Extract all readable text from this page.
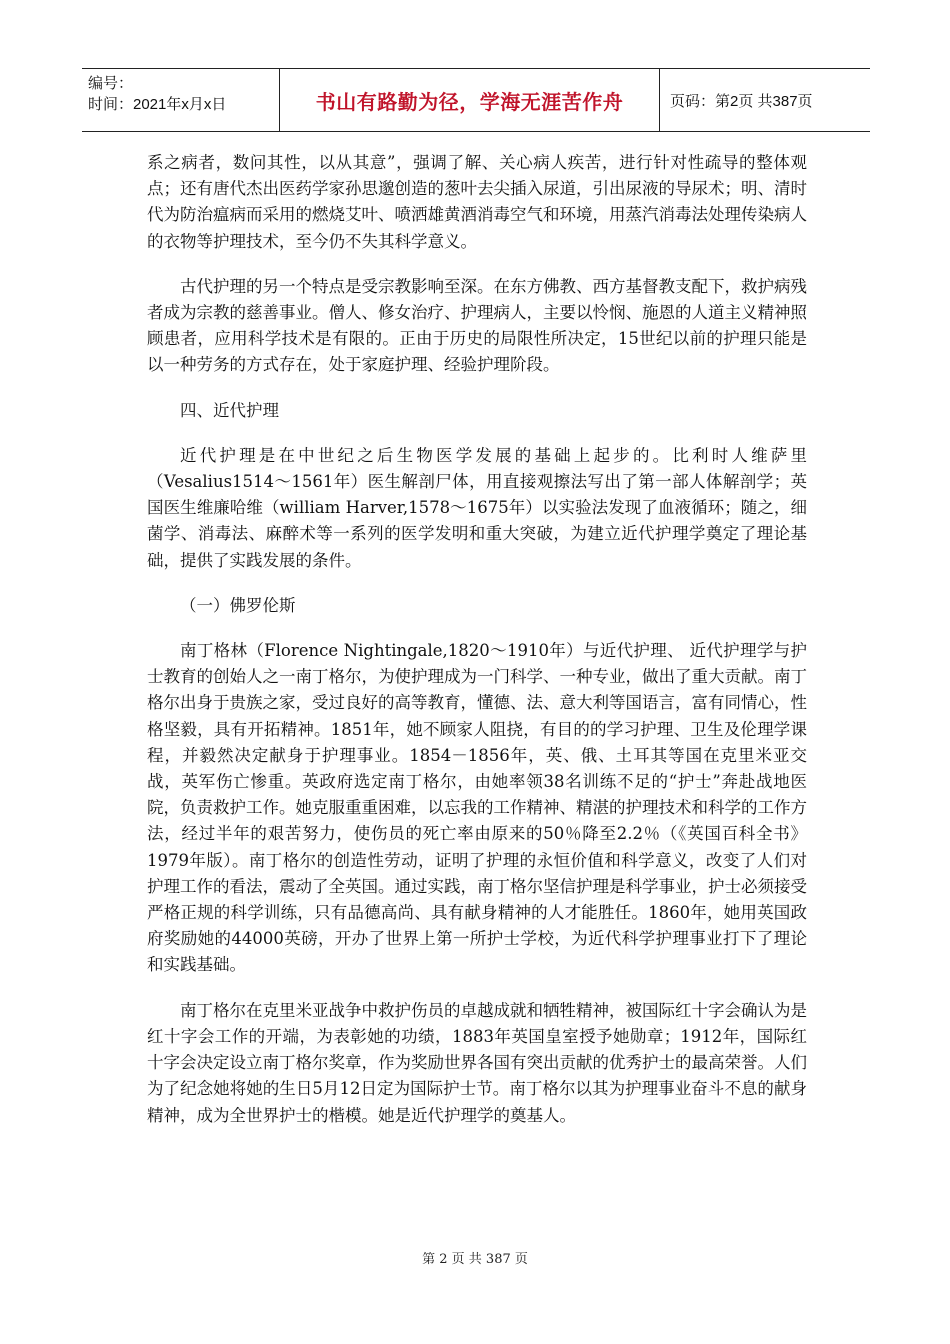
编号：
时间：2021年x月x日	书山有路勤为径，学海无涯苦作舟	页码：第2页 共387页

系之病者，数问其性，以从其意”，强调了解、关心病人疾苦，进行针对性疏导的整体观点；还有唐代杰出医药学家孙思邈创造的葱叶去尖插入尿道，引出尿液的导尿术；明、清时代为防治瘟病而采用的燃烧艾叶、喷洒雄黄酒消毒空气和环境，用蒸汽消毒法处理传染病人的衣物等护理技术，至今仍不失其科学意义。

古代护理的另一个特点是受宗教影响至深。在东方佛教、西方基督教支配下，救护病残者成为宗教的慈善事业。僧人、修女治疗、护理病人，主要以怜悯、施恩的人道主义精神照顾患者，应用科学技术是有限的。正由于历史的局限性所决定，15世纪以前的护理只能是以一种劳务的方式存在，处于家庭护理、经验护理阶段。

四、近代护理

近代护理是在中世纪之后生物医学发展的基础上起步的。比利时人维萨里（Vesalius1514～1561年）医生解剖尸体，用直接观擦法写出了第一部人体解剖学；英国医生维廉哈维（william Harver,1578～1675年）以实验法发现了血液循环；随之，细菌学、消毒法、麻醉术等一系列的医学发明和重大突破，为建立近代护理学奠定了理论基础，提供了实践发展的条件。

（一）佛罗伦斯

南丁格林（Florence Nightingale,1820～1910年）与近代护理、 近代护理学与护士教育的创始人之一南丁格尔，为使护理成为一门科学、一种专业，做出了重大贡献。南丁格尔出身于贵族之家，受过良好的高等教育，懂德、法、意大利等国语言，富有同情心，性格坚毅，具有开拓精神。1851年，她不顾家人阻挠，有目的的学习护理、卫生及伦理学课程，并毅然决定献身于护理事业。1854－1856年，英、俄、土耳其等国在克里米亚交战，英军伤亡惨重。英政府选定南丁格尔，由她率领38名训练不足的“护士”奔赴战地医院，负责救护工作。她克服重重困难，以忘我的工作精神、精湛的护理技术和科学的工作方法，经过半年的艰苦努力，使伤员的死亡率由原来的50％降至2.2％（《英国百科全书》1979年版）。南丁格尔的创造性劳动，证明了护理的永恒价值和科学意义，改变了人们对护理工作的看法，震动了全英国。通过实践，南丁格尔坚信护理是科学事业，护士必须接受严格正规的科学训练，只有品德高尚、具有献身精神的人才能胜任。1860年，她用英国政府奖励她的44000英磅，开办了世界上第一所护士学校，为近代科学护理事业打下了理论和实践基础。

南丁格尔在克里米亚战争中救护伤员的卓越成就和牺牲精神，被国际红十字会确认为是红十字会工作的开端，为表彰她的功绩，1883年英国皇室授予她勋章；1912年，国际红十字会决定设立南丁格尔奖章，作为奖励世界各国有突出贡献的优秀护士的最高荣誉。人们为了纪念她将她的生日5月12日定为国际护士节。南丁格尔以其为护理事业奋斗不息的献身精神，成为全世界护士的楷模。她是近代护理学的奠基人。

第 2 页 共 387 页
